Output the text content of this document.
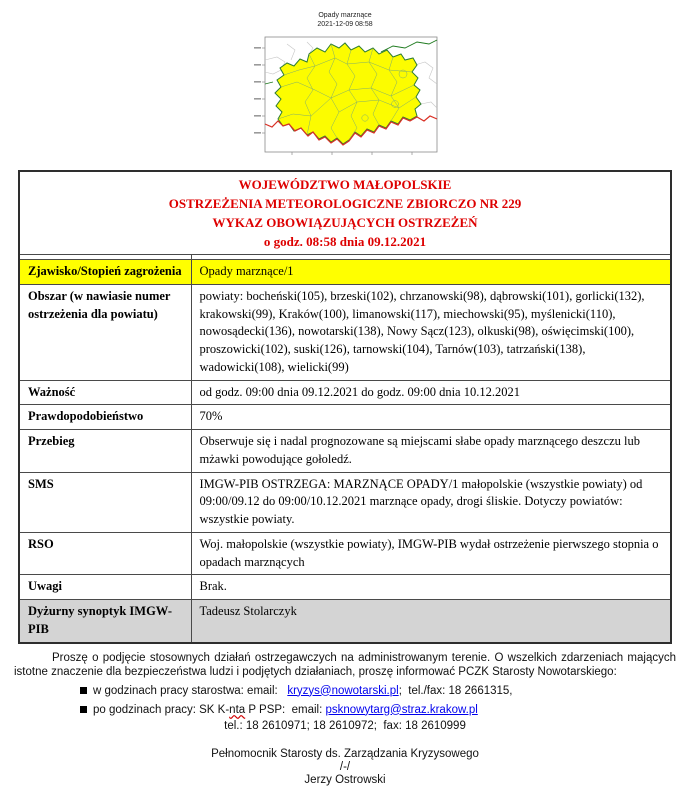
Opady marznące
2021-12-09 08:58
WOJEWÓDZTWO MAŁOPOLSKIE
OSTRZEŻENIA METEOROLOGICZNE ZBIORCZO NR 229
WYKAZ OBOWIĄZUJĄCYCH OSTRZEŻEŃ
o godz. 08:58 dnia 09.12.2021	

Zjawisko/Stopień zagrożenia	Opady marznące/1
Obszar (w nawiasie numer ostrzeżenia dla powiatu)	powiaty: bocheński(105), brzeski(102), chrzanowski(98), dąbrowski(101), gorlicki(132), krakowski(99), Kraków(100), limanowski(117), miechowski(95), myślenicki(110), nowosądecki(136), nowotarski(138), Nowy Sącz(123), olkuski(98), oświęcimski(100), proszowicki(102), suski(126), tarnowski(104), Tarnów(103), tatrzański(138), wadowicki(108), wielicki(99)
Ważność	od godz. 09:00 dnia 09.12.2021 do godz. 09:00 dnia 10.12.2021
Prawdopodobieństwo	70%
Przebieg	Obserwuje się i nadal prognozowane są miejscami słabe opady marznącego deszczu lub mżawki powodujące gołoledź.
SMS	IMGW-PIB OSTRZEGA: MARZNĄCE OPADY/1 małopolskie (wszystkie powiaty) od 09:00/09.12 do 09:00/10.12.2021 marznące opady, drogi śliskie. Dotyczy powiatów: wszystkie powiaty.
RSO	Woj. małopolskie (wszystkie powiaty), IMGW-PIB wydał ostrzeżenie pierwszego stopnia o opadach marznących
Uwagi	Brak.
Dyżurny synoptyk IMGW-PIB	Tadeusz Stolarczyk

Proszę o podjęcie stosownych działań ostrzegawczych na administrowanym terenie. O wszelkich zdarzeniach mających istotne znaczenie dla bezpieczeństwa ludzi i podjętych działaniach, proszę informować PCZK Starosty Nowotarskiego:

w godzinach pracy starostwa: email:   kryzys@nowotarski.pl;  tel./fax: 18 2661315,
po godzinach pracy: SK K-nta P PSP:  email: psknowytarg@straz.krakow.pl
tel.: 18 2610971; 18 2610972;  fax: 18 2610999
Pełnomocnik Starosty ds. Zarządzania Kryzysowego
/-/
Jerzy Ostrowski
